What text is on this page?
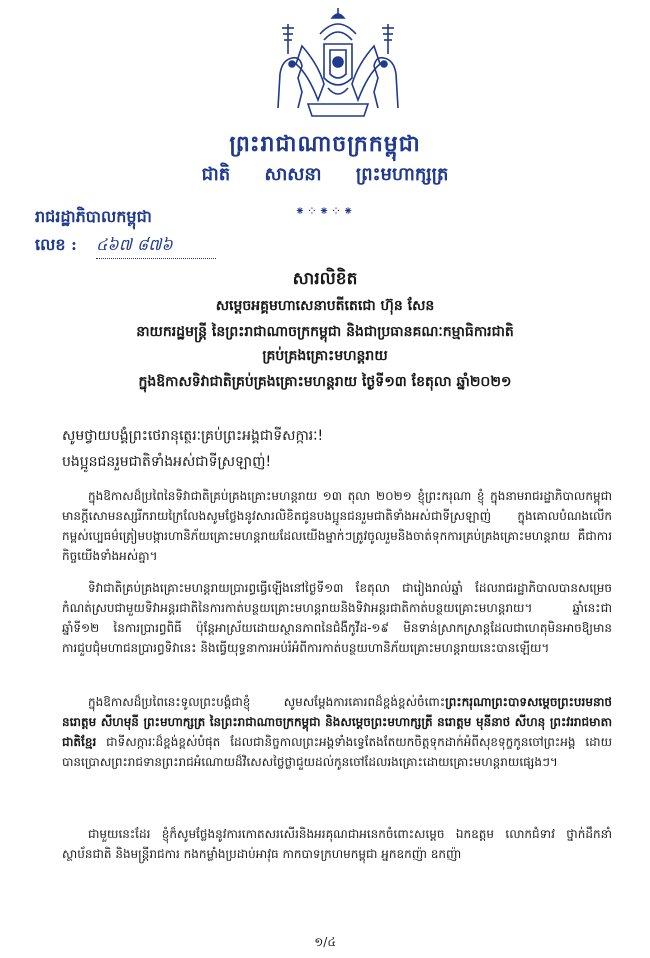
ព្រះរាជាណាចក្រកម្ពុជា
ជាតិ សាសនា ព្រះមហាក្សត្រ
⁕⁘⁕⁘⁕
រាជរដ្ឋាភិបាលកម្ពុជា
លេខ : ៤៦៧ ៨៧៦
សារលិខិត
សម្តេចអគ្គមហាសេនាបតីតេជោ ហ៊ុន សែន
នាយករដ្ឋមន្ត្រី នៃព្រះរាជាណាចក្រកម្ពុជា និងជាប្រធានគណៈកម្មាធិការជាតិ
គ្រប់គ្រងគ្រោះមហន្តរាយ
ក្នុងឱកាសទិវាជាតិគ្រប់គ្រងគ្រោះមហន្តរាយ ថ្ងៃទី១៣ ខែតុលា ឆ្នាំ២០២១
សូមថ្វាយបង្គំព្រះថេរានុត្ថេរៈគ្រប់ព្រះអង្គជាទីសក្ការៈ!
បងប្អូនជនរួមជាតិទាំងអស់ជាទីស្រឡាញ់!

ក្នុងឱកាសដ៏ប្រពៃនៃទិវាជាតិគ្រប់គ្រងគ្រោះមហន្តរាយ ១៣ តុលា ២០២១ ខ្ញុំព្រះករុណា ខ្ញុំ ក្នុងនាមរាជរដ្ឋាភិបាលកម្ពុជា មានក្តីសោមនស្សរីករាយក្រៃលែងសូមថ្លែងនូវសារលិខិតជូនបងប្អូនជនរួមជាតិទាំងអស់ជាទីស្រឡាញ់ ក្នុងគោលបំណងលើកកម្ពស់ប្បេធម៌ត្រៀមបង្ការហានិភ័យគ្រោះមហន្តរាយដែលយើងម្នាក់ៗត្រូវចូលរួមនិងចាត់ទុកការគ្រប់គ្រងគ្រោះមហន្តរាយ គឺជាការកិច្ចយើងទាំងអស់គ្នា។

ទិវាជាតិគ្រប់គ្រងគ្រោះមហន្តរាយប្រារព្ធធ្វើឡើងនៅថ្ងៃទី១៣ ខែតុលា ជារៀងរាល់ឆ្នាំ ដែលរាជរដ្ឋាភិបាលបានសម្រេចកំណត់ស្របជាមួយទិវាអន្តរជាតិនៃការកាត់បន្ថយគ្រោះមហន្តរាយនិងទិវាអន្តរជាតិកាត់បន្ថយគ្រោះមហន្តរាយ។ ឆ្នាំនេះជាឆ្នាំទី១២ នៃការប្រារព្ធពិធី ប៉ុន្តែអាស្រ័យដោយស្ថានភាពនៃជំងឺកូវីដ-១៩ មិនទាន់ស្រាកស្រាន្តដែលជាហេតុមិនអាចឱ្យមានការជួបជុំមហាជនប្រារព្ធទិវានេះ និងធ្វើយុទ្ធនាការអប់រំអំពីការកាត់បន្ថយហានិភ័យគ្រោះមហន្តរាយនេះបានឡើយ។

ក្នុងឱកាសដ៏ប្រពៃនេះទូលព្រះបង្គំជាខ្ញុំ សូមសម្តែងការគោរពដ៏ខ្ពង់ខ្ពស់ចំពោះព្រះករុណាព្រះបាទសម្តេចព្រះបរមនាថ នរោត្តម សីហមុនី ព្រះមហាក្សត្រ នៃព្រះរាជាណាចក្រកម្ពុជា និងសម្តេចព្រះមហាក្សត្រី នរោត្តម មុនីនាថ សីហនុ ព្រះវររាជមាតាជាតិខ្មែរ ជាទីសក្ការៈដ៏ខ្ពង់ខ្ពស់បំផុត ដែលជានិច្ចកាលព្រះអង្គទាំងទ្វេតែងតែយកចិត្តទុកដាក់អំពីសុខទុក្ខកូនចៅព្រះអង្គ ដោយបានប្រោសព្រះរាជទានព្រះរាជអំណោយដ៏វិសេសថ្លៃថ្លាជួយដល់កូនចៅដែលរងគ្រោះដោយគ្រោះមហន្តរាយផ្សេងៗ។

ជាមួយនេះដែរ ខ្ញុំក៏សូមថ្លែងនូវការកោតសរសើរនិងអរគុណជាអនេកចំពោះសម្តេច ឯកឧត្តម លោកជំទាវ ថ្នាក់ដឹកនាំស្ថាប័នជាតិ និងមន្ត្រីរាជការ កងកម្លាំងប្រដាប់អាវុធ កាកបាទក្រហមកម្ពុជា អ្នកឧកញ៉ា ឧកញ៉ា

១/៤
